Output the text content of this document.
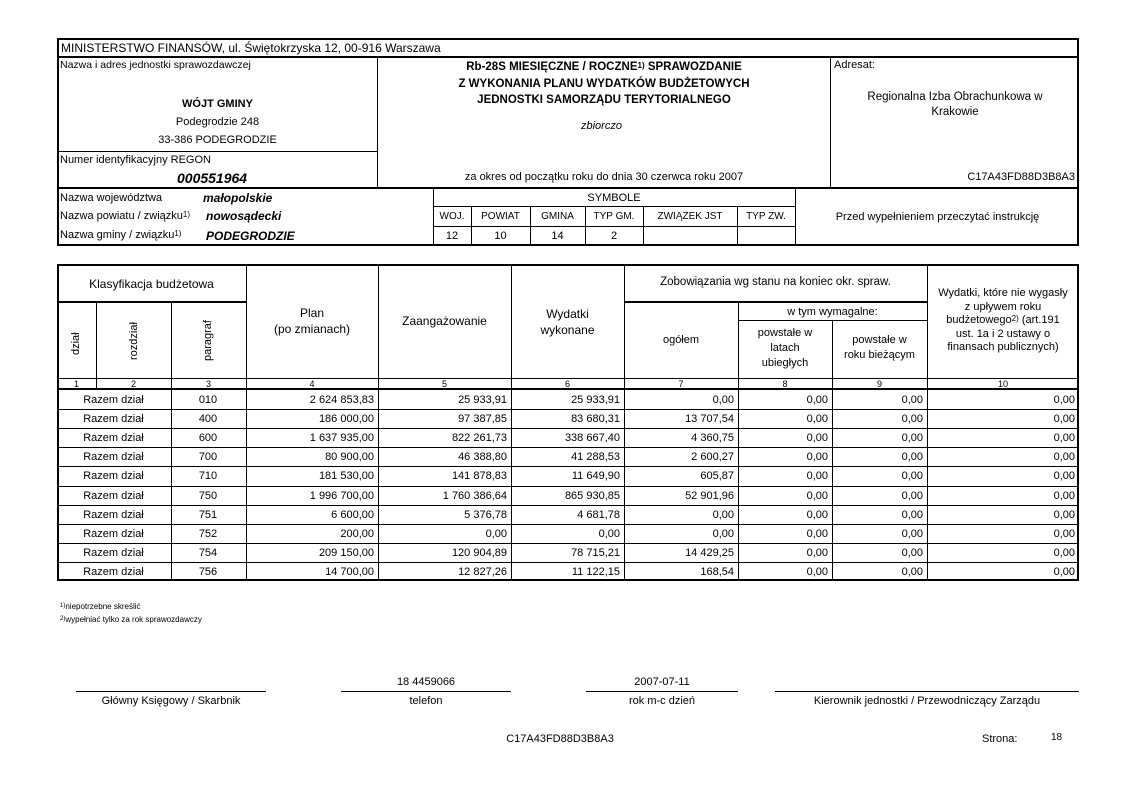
MINISTERSTWO FINANSÓW, ul. Świętokrzyska 12, 00-916 Warszawa
Nazwa i adres jednostki sprawozdawczej
WÓJT GMINY
Podegrodzie 248
33-386 PODEGRODZIE
Numer identyfikacyjny REGON
000551964
Rb-28S MIESIĘCZNE / ROCZNE$^{1)}$ SPRAWOZDANIE
Z WYKONANIA PLANU WYDATKÓW BUDŻETOWYCH
JEDNOSTKI SAMORZĄDU TERYTORIALNEGO
zbiorczo
za okres od początku roku do dnia 30 czerwca roku 2007
Adresat:
Regionalna Izba Obrachunkowa w Krakowie
C17A43FD88D3B8A3
Nazwa województwa	małopolskie
Nazwa powiatu / związku$^{1)}$ nowosądecki
Nazwa gminy / związku$^{1)}$ PODEGRODZIE
SYMBOLE
WOJ.	POWIAT	GMINA	TYP GM.	ZWIĄZEK JST	TYP ZW.
12	10	14	2
Przed wypełnieniem przeczytać instrukcję
Klasyfikacja budżetowa
dział	rozdział	paragraf
Plan
(po zmianach)
Zaangażowanie	Wydatki
wykonane
Zobowiązania wg stanu na koniec okr. spraw.
w tym wymagalne:
ogółem
powstałe w
latach
ubiegłych
powstałe w
roku bieżącym
Wydatki, które nie wygasły
z upływem roku
budżetowego$^{2)}$ (art.191
ust. 1a i 2 ustawy o
finansach publicznych)
1	2	3	4	5	6	7	8	9	10
Razem dział	010	2 624 853,83	25 933,91	25 933,91	0,00	0,00	0,00	0,00
Razem dział	400	186 000,00	97 387,85	83 680,31	13 707,54	0,00	0,00	0,00
Razem dział	600	1 637 935,00	822 261,73	338 667,40	4 360,75	0,00	0,00	0,00
Razem dział	700	80 900,00	46 388,80	41 288,53	2 600,27	0,00	0,00	0,00
Razem dział	710	181 530,00	141 878,83	11 649,90	605,87	0,00	0,00	0,00
Razem dział	750	1 996 700,00	1 760 386,64	865 930,85	52 901,96	0,00	0,00	0,00
Razem dział	751	6 600,00	5 376,78	4 681,78	0,00	0,00	0,00	0,00
Razem dział	752	200,00	0,00	0,00	0,00	0,00	0,00	0,00
Razem dział	754	209 150,00	120 904,89	78 715,21	14 429,25	0,00	0,00	0,00
Razem dział	756	14 700,00	12 827,26	11 122,15	168,54	0,00	0,00	0,00
$^{1)}$niepotrzebne skreślić
$^{2)}$wypełniać tylko za rok sprawozdawczy
Główny Księgowy / Skarbnik
18 4459066
telefon
2007-07-11
rok m-c dzień	Kierownik jednostki / Przewodniczący Zarządu
C17A43FD88D3B8A3	Strona:	18
